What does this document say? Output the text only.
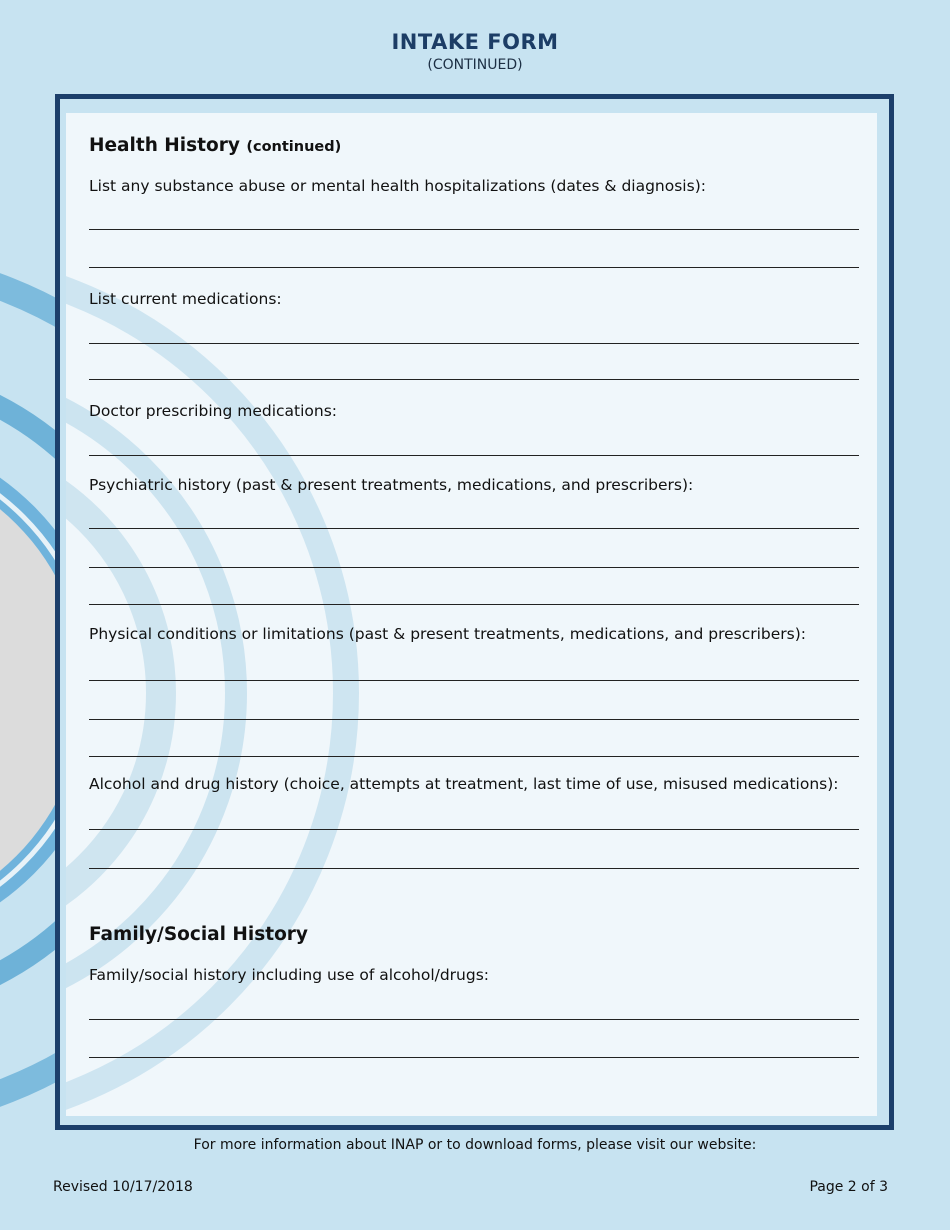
INTAKE FORM
(CONTINUED)
Health History (continued)
List any substance abuse or mental health hospitalizations (dates & diagnosis):
List current medications:
Doctor prescribing medications:
Psychiatric history (past & present treatments, medications, and prescribers):
Physical conditions or limitations (past & present treatments, medications, and prescribers):
Alcohol and drug history (choice, attempts at treatment, last time of use, misused medications):
Family/Social History
Family/social history including use of alcohol/drugs:
For more information about INAP or to download forms, please visit our website:
Revised 10/17/2018	Page 2 of 3
